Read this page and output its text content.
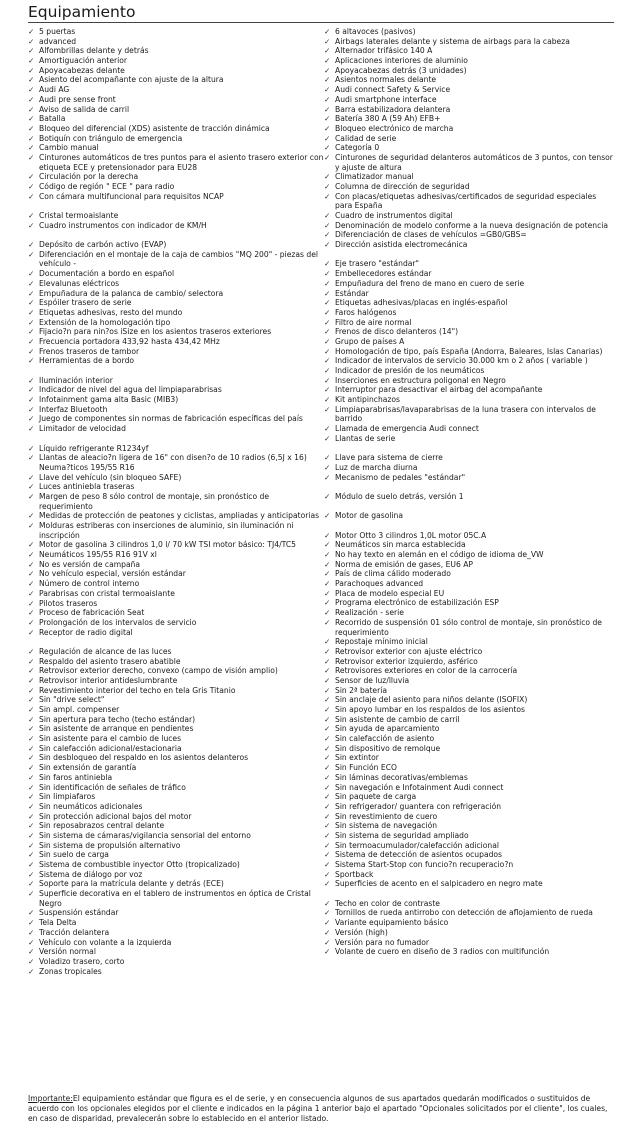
Equipamiento
✓ 5 puertas
✓ advanced
✓ Alfombrillas delante y detrás
✓ Amortiguación anterior
✓ Apoyacabezas delante
✓ Asiento del acompañante con ajuste de la altura
✓ Audi AG
✓ Audi pre sense front
✓ Aviso de salida de carril
✓ Batalla
✓ Bloqueo del diferencial (XDS) asistente de tracción dinámica
✓ Botiquín con triángulo de emergencia
✓ Cambio manual
✓ Cinturones automáticos de tres puntos para el asiento trasero exterior con etiqueta ECE y pretensionador para EU28
✓ Circulación por la derecha
✓ Código de región " ECE " para radio
✓ Con cámara multifuncional para requisitos NCAP
✓ Cristal termoaislante
✓ Cuadro instrumentos con indicador de KM/H
✓ Depósito de carbón activo (EVAP)
✓ Diferenciación en el montaje de la caja de cambios "MQ 200" - piezas del vehículo -
✓ Documentación a bordo en español
✓ Elevalunas eléctricos
✓ Empuñadura de la palanca de cambio/ selectora
✓ Espóiler trasero de serie
✓ Etiquetas adhesivas, resto del mundo
✓ Extensión de la homologación tipo
✓ Fijacio?n para nin?os iSize en los asientos traseros exteriores
✓ Frecuencia portadora 433,92 hasta 434,42 MHz
✓ Frenos traseros de tambor
✓ Herramientas de a bordo
✓ Iluminación interior
✓ Indicador de nivel del agua del limpiaparabrisas
✓ Infotainment gama alta Basic (MIB3)
✓ Interfaz Bluetooth
✓ Juego de componentes sin normas de fabricación específicas del país
✓ Limitador de velocidad
✓ Líquido refrigerante R1234yf
✓ Llantas de aleacio?n ligera de 16" con disen?o de 10 radios (6,5J x 16) Neuma?ticos 195/55 R16
✓ Llave del vehículo (sin bloqueo SAFE)
✓ Luces antiniebla traseras
✓ Margen de peso 8 sólo control de montaje, sin pronóstico de requerimiento
✓ Medidas de protección de peatones y ciclistas, ampliadas y anticipatorias
✓ Molduras estriberas con inserciones de aluminio, sin iluminación ni inscripción
✓ Motor de gasolina 3 cilindros 1,0 l/ 70 kW TSI motor básico: TJ4/TC5
✓ Neumáticos 195/55 R16 91V xl
✓ No es versión de campaña
✓ No vehículo especial, versión estándar
✓ Número de control interno
✓ Parabrisas con cristal termoaislante
✓ Pilotos traseros
✓ Proceso de fabricación Seat
✓ Prolongación de los intervalos de servicio
✓ Receptor de radio digital
✓ Regulación de alcance de las luces
✓ Respaldo del asiento trasero abatible
✓ Retrovisor exterior derecho, convexo (campo de visión amplio)
✓ Retrovisor interior antideslumbrante
✓ Revestimiento interior del techo en tela Gris Titanio
✓ Sin "drive select"
✓ Sin ampl. compenser
✓ Sin apertura para techo (techo estándar)
✓ Sin asistente de arranque en pendientes
✓ Sin asistente para el cambio de luces
✓ Sin calefacción adicional/estacionaria
✓ Sin desbloqueo del respaldo en los asientos delanteros
✓ Sin extensión de garantía
✓ Sin faros antiniebla
✓ Sin identificación de señales de tráfico
✓ Sin limpiafaros
✓ Sin neumáticos adicionales
✓ Sin protección adicional bajos del motor
✓ Sin reposabrazos central delante
✓ Sin sistema de cámaras/vigilancia sensorial del entorno
✓ Sin sistema de propulsión alternativo
✓ Sin suelo de carga
✓ Sistema de combustible inyector Otto (tropicalizado)
✓ Sistema de diálogo por voz
✓ Soporte para la matrícula delante y detrás (ECE)
✓ Superficie decorativa en el tablero de instrumentos en óptica de Cristal Negro
✓ Suspensión estándar
✓ Tela Delta
✓ Tracción delantera
✓ Vehículo con volante a la izquierda
✓ Versión normal
✓ Voladizo trasero, corto
✓ Zonas tropicales
✓ 6 altavoces (pasivos)
✓ Airbags laterales delante y sistema de airbags para la cabeza
✓ Alternador trifásico 140 A
✓ Aplicaciones interiores de aluminio
✓ Apoyacabezas detrás (3 unidades)
✓ Asientos normales delante
✓ Audi connect Safety & Service
✓ Audi smartphone interface
✓ Barra estabilizadora delantera
✓ Batería 380 A (59 Ah) EFB+
✓ Bloqueo electrónico de marcha
✓ Calidad de serie
✓ Categoría 0
✓ Cinturones de seguridad delanteros automáticos de 3 puntos, con tensor y ajuste de altura
✓ Climatizador manual
✓ Columna de dirección de seguridad
✓ Con placas/etiquetas adhesivas/certificados de seguridad especiales para España
✓ Cuadro de instrumentos digital
✓ Denominación de modelo conforme a la nueva designación de potencia
✓ Diferenciación de clases de vehículos =GB0/GBS=
✓ Dirección asistida electromecánica
✓ Eje trasero "estándar"
✓ Embellecedores estándar
✓ Empuñadura del freno de mano en cuero de serie
✓ Estándar
✓ Etiquetas adhesivas/placas en inglés-español
✓ Faros halógenos
✓ Filtro de aire normal
✓ Frenos de disco delanteros (14")
✓ Grupo de países A
✓ Homologación de tipo, país España (Andorra, Baleares, Islas Canarias)
✓ Indicador de intervalos de servicio 30.000 km o 2 años ( variable )
✓ Indicador de presión de los neumáticos
✓ Inserciones en estructura poligonal en Negro
✓ Interruptor para desactivar el airbag del acompañante
✓ Kit antipinchazos
✓ Limpiaparabrisas/lavaparabrisas de la luna trasera con intervalos de barrido
✓ Llamada de emergencia Audi connect
✓ Llantas de serie
✓ Llave para sistema de cierre
✓ Luz de marcha diurna
✓ Mecanismo de pedales "estándar"
✓ Módulo de suelo detrás, versión 1
✓ Motor de gasolina
✓ Motor Otto 3 cilindros 1,0L motor 05C.A
✓ Neumáticos sin marca establecida
✓ No hay texto en alemán en el código de idioma de_VW
✓ Norma de emisión de gases, EU6 AP
✓ País de clima cálido moderado
✓ Parachoques advanced
✓ Placa de modelo especial EU
✓ Programa electrónico de estabilización ESP
✓ Realización - serie
✓ Recorrido de suspensión 01 sólo control de montaje, sin pronóstico de requerimiento
✓ Repostaje mínimo inicial
✓ Retrovisor exterior con ajuste eléctrico
✓ Retrovisor exterior izquierdo, asférico
✓ Retrovisores exteriores en color de la carrocería
✓ Sensor de luz/lluvia
✓ Sin 2ª batería
✓ Sin anclaje del asiento para niños delante (ISOFIX)
✓ Sin apoyo lumbar en los respaldos de los asientos
✓ Sin asistente de cambio de carril
✓ Sin ayuda de aparcamiento
✓ Sin calefacción de asiento
✓ Sin dispositivo de remolque
✓ Sin extintor
✓ Sin Función ECO
✓ Sin láminas decorativas/emblemas
✓ Sin navegación e Infotainment Audi connect
✓ Sin paquete de carga
✓ Sin refrigerador/ guantera con refrigeración
✓ Sin revestimiento de cuero
✓ Sin sistema de navegación
✓ Sin sistema de seguridad ampliado
✓ Sin termoacumulador/calefacción adicional
✓ Sistema de detección de asientos ocupados
✓ Sistema Start-Stop con funcio?n recuperacio?n
✓ Sportback
✓ Superficies de acento en el salpicadero en negro mate
✓ Techo en color de contraste
✓ Tornillos de rueda antirrobo con detección de aflojamiento de rueda
✓ Variante equipamiento básico
✓ Versión (high)
✓ Versión para no fumador
✓ Volante de cuero en diseño de 3 radios con multifunción
Importante:El equipamiento estándar que figura es el de serie, y en consecuencia algunos de sus apartados quedarán modificados o sustituidos de acuerdo con los opcionales elegidos por el cliente e indicados en la página 1 anterior bajo el apartado "Opcionales solicitados por el cliente", los cuales, en caso de disparidad, prevalecerán sobre lo establecido en el anterior listado.
